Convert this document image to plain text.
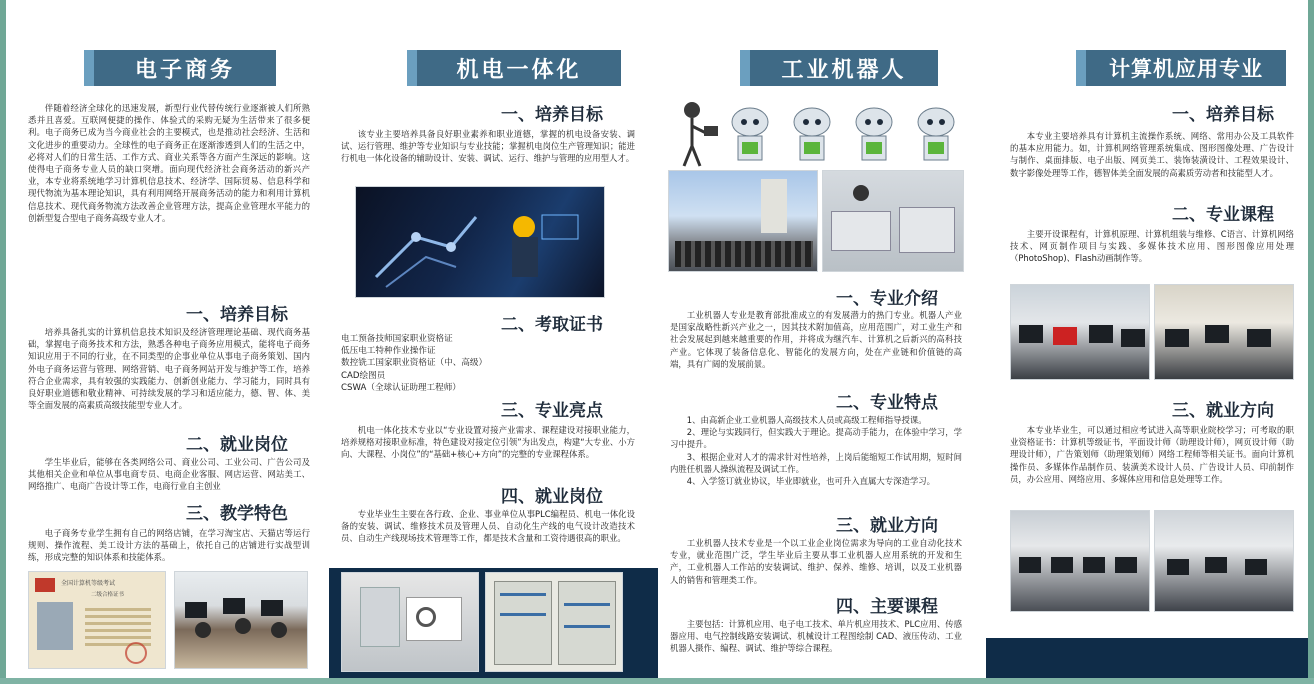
电子商务
伴随着经济全球化的迅速发展，新型行业代替传统行业逐渐被人们所熟悉并且喜爱。互联网便捷的操作、体验式的采购无疑为生活带来了很多便利。电子商务已成为当今商业社会的主要模式，也是推动社会经济、生活和文化进步的重要动力。全球性的电子商务正在逐渐渗透到人们的生活之中，必将对人们的日常生活、工作方式、商业关系等各方面产生深远的影响。这使得电子商务专业人员的缺口突增。面向现代经济社会商务活动的新兴产业，本专业将系统地学习计算机信息技术、经济学、国际贸易、信息科学和现代物流为基本理论知识，具有利用网络开展商务活动的能力和利用计算机信息技术、现代商务物流方法改善企业管理方法，提高企业管理水平能力的创新型复合型电子商务高级专业人才。
一、培养目标
培养具备扎实的计算机信息技术知识及经济管理理论基础、现代商务基础，掌握电子商务技术和方法，熟悉各种电子商务应用模式，能将电子商务知识应用于不同的行业，在不同类型的企事业单位从事电子商务策划、国内外电子商务运营与管理、网络营销、电子商务网站开发与维护等工作，培养符合企业需求，具有较强的实践能力、创新创业能力、学习能力，同时具有良好职业道德和敬业精神、可持续发展的学习和适应能力，德、智、体、美等全面发展的高素质高级技能型专业人才。
二、就业岗位
学生毕业后，能够在各类网络公司、商业公司、工业公司、广告公司及其他相关企业和单位从事电商专员、电商企业客服、网店运营、网站美工、网络推广、电商广告设计等工作，电商行业自主创业
三、教学特色
电子商务专业学生拥有自己的网络店铺，在学习淘宝店、天猫店等运行规则、操作流程、美工设计方法的基础上，依托自己的店铺进行实战型训练，形成完整的知识体系和技能体系。
全国计算机等级考试
二级合格证书
机电一体化
一、培养目标
该专业主要培养具备良好职业素养和职业道德，掌握的机电设备安装、调试、运行管理、维护等专业知识与专业技能；掌握机电岗位生产管理知识；能进行机电一体化设备的辅助设计、安装、调试、运行、维护与管理的应用型人才。
二、考取证书
电工预备技师国家职业资格证
低压电工特种作业操作证
数控铣工国家职业资格证（中、高级）
CAD绘图员
CSWA（全球认证助理工程师）
三、专业亮点
机电一体化技术专业以“专业设置对接产业需求、课程建设对接职业能力，培养规格对接职业标准，特色建设对接定位引领”为出发点，构建“大专业、小方向、大课程、小岗位”的“基础+核心+方向”的完整的专业课程体系。
四、就业岗位
专业毕业生主要在各行政、企业、事业单位从事PLC编程员、机电一体化设备的安装、调试、维修技术员及管理人员、自动化生产线的电气设计改造技术员、自动生产线现场技术管理等工作，都是技术含量和工资待遇很高的职业。
工业机器人
一、专业介绍
工业机器人专业是教育部批准成立的有发展潜力的热门专业。机器人产业是国家战略性新兴产业之一，因其技术附加值高，应用范围广，对工业生产和社会发展起到越来越重要的作用，并将成为继汽车、计算机之后新兴的高科技产业。它体现了装备信息化、智能化的发展方向，处在产业链和价值链的高端，具有广阔的发展前景。
二、专业特点
1、由高新企业工业机器人高级技术人员或高级工程师指导授课。
2、理论与实践同行，但实践大于理论。提高动手能力，在体验中学习，学习中提升。
3、根据企业对人才的需求针对性培养，上岗后能缩短工作试用期，短时间内胜任机器人操纵流程及调试工作。
4、入学签订就业协议，毕业即就业，也可升入直属大专深造学习。
三、就业方向
工业机器人技术专业是一个以工业企业岗位需求为导向的工业自动化技术专业，就业范围广泛，学生毕业后主要从事工业机器人应用系统的开发和生产，工业机器人工作站的安装调试、维护、保养、维修、培训，以及工业机器人的销售和管理类工作。
四、主要课程
主要包括：计算机应用、电子电工技术、单片机应用技术、PLC应用、传感器应用、电气控制线路安装调试、机械设计工程图绘制 CAD、液压传动、工业机器人摄作、编程、调试、维护等综合课程。
计算机应用专业
一、培养目标
本专业主要培养具有计算机主流操作系统、网络、常用办公及工具软件的基本应用能力。如，计算机网络管理系统集成、图形图像处理、广告设计与制作、桌面排版、电子出版、网页美工、装饰装潢设计、工程效果设计、数字影像处理等工作，德智体美全面发展的高素质劳动者和技能型人才。
二、专业课程
主要开设课程有，计算机原理、计算机组装与维修、C语言、计算机网络技术、网页制作项目与实践、多媒体技术应用、图形图像应用处理（PhotoShop)、Flash动画制作等。
三、就业方向
本专业毕业生，可以通过相应考试进入高等职业院校学习；可考取的职业资格证书：计算机等级证书，平面设计师（助理设计师），网页设计师（助理设计师），广告策划师（助理策划师）网络工程师等相关证书。面向计算机操作员、多媒体作品制作员、装潢美术设计人员、广告设计人员、印前制作员，办公应用、网络应用、多媒体应用和信息处理等工作。
